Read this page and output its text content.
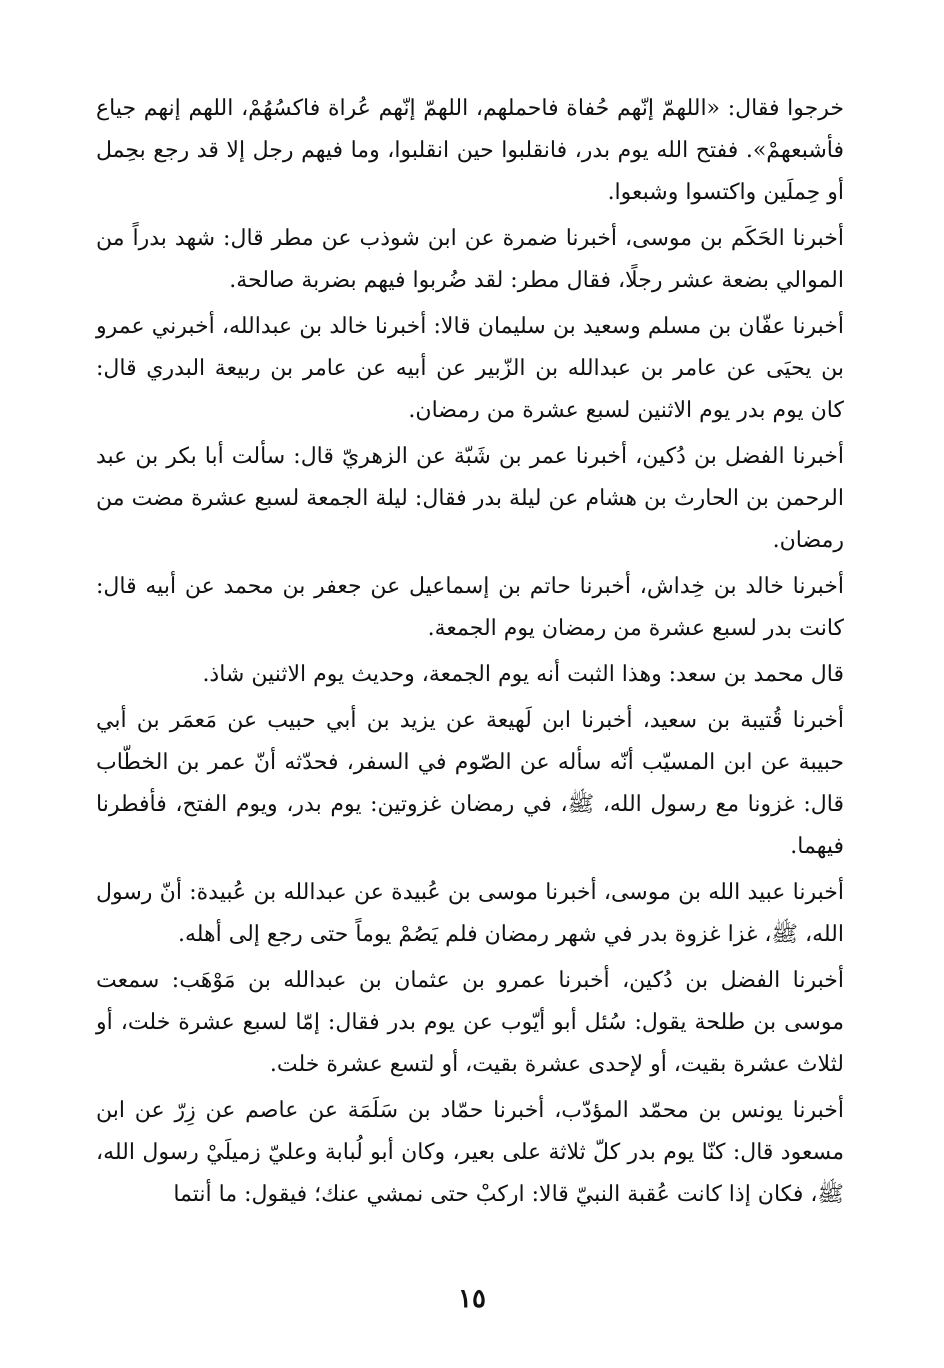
خرجوا فقال: «اللهمّ إنّهم حُفاة فاحملهم، اللهمّ إنّهم عُراة فاكسُهُمْ، اللهم إنهم جياع فأشبعهمْ». ففتح الله يوم بدر، فانقلبوا حين انقلبوا، وما فيهم رجل إلا قد رجع بحِمل أو حِملَين واكتسوا وشبعوا.

أخبرنا الحَكَم بن موسى، أخبرنا ضمرة عن ابن شوذب عن مطر قال: شهد بدراً من الموالي بضعة عشر رجلًا، فقال مطر: لقد ضُربوا فيهم بضربة صالحة.

أخبرنا عفّان بن مسلم وسعيد بن سليمان قالا: أخبرنا خالد بن عبدالله، أخبرني عمرو بن يحيَى عن عامر بن عبدالله بن الزّبير عن أبيه عن عامر بن ربيعة البدري قال: كان يوم بدر يوم الاثنين لسبع عشرة من رمضان.

أخبرنا الفضل بن دُكين، أخبرنا عمر بن شَبّة عن الزهريّ قال: سألت أبا بكر بن عبد الرحمن بن الحارث بن هشام عن ليلة بدر فقال: ليلة الجمعة لسبع عشرة مضت من رمضان.

أخبرنا خالد بن خِداش، أخبرنا حاتم بن إسماعيل عن جعفر بن محمد عن أبيه قال: كانت بدر لسبع عشرة من رمضان يوم الجمعة.

قال محمد بن سعد: وهذا الثبت أنه يوم الجمعة، وحديث يوم الاثنين شاذ.

أخبرنا قُتيبة بن سعيد، أخبرنا ابن لَهيعة عن يزيد بن أبي حبيب عن مَعمَر بن أبي حبيبة عن ابن المسيّب أنّه سأله عن الصّوم في السفر، فحدّثه أنّ عمر بن الخطّاب قال: غزونا مع رسول الله، ﷺ، في رمضان غزوتين: يوم بدر، ويوم الفتح، فأفطرنا فيهما.

أخبرنا عبيد الله بن موسى، أخبرنا موسى بن عُبيدة عن عبدالله بن عُبيدة: أنّ رسول الله، ﷺ، غزا غزوة بدر في شهر رمضان فلم يَصُمْ يوماً حتى رجع إلى أهله.

أخبرنا الفضل بن دُكين، أخبرنا عمرو بن عثمان بن عبدالله بن مَوْهَب: سمعت موسى بن طلحة يقول: سُئل أبو أيّوب عن يوم بدر فقال: إمّا لسبع عشرة خلت، أو لثلاث عشرة بقيت، أو لإحدى عشرة بقيت، أو لتسع عشرة خلت.

أخبرنا يونس بن محمّد المؤدّب، أخبرنا حمّاد بن سَلَمَة عن عاصم عن زِرّ عن ابن مسعود قال: كنّا يوم بدر كلّ ثلاثة على بعير، وكان أبو لُبابة وعليّ زميلَيْ رسول الله، ﷺ، فكان إذا كانت عُقبة النبيّ قالا: اركبْ حتى نمشي عنك؛ فيقول: ما أنتما

١٥
